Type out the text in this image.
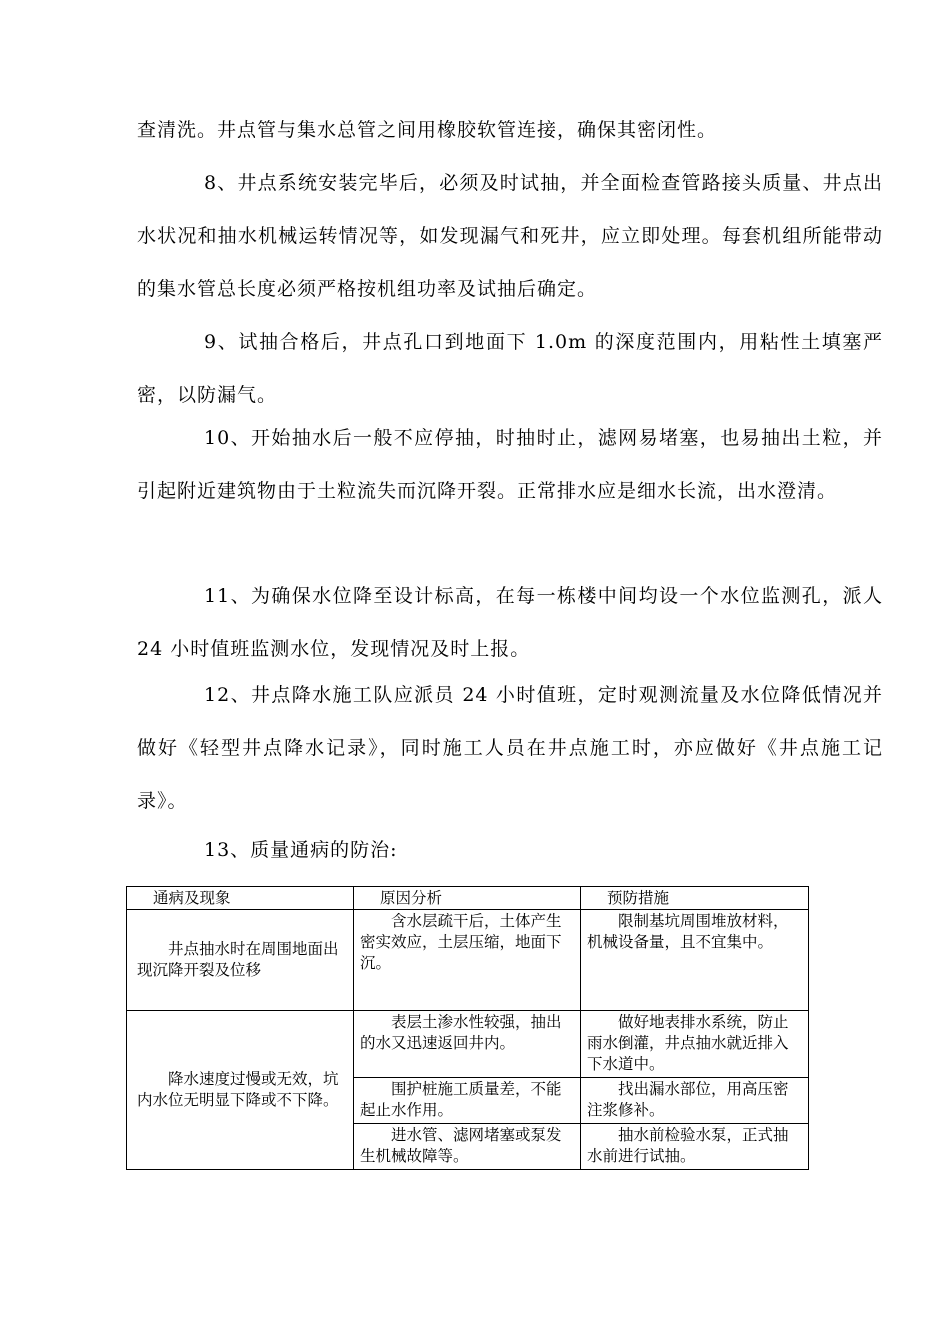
查清洗。井点管与集水总管之间用橡胶软管连接，确保其密闭性。

8、井点系统安装完毕后，必须及时试抽，并全面检查管路接头质量、井点出水状况和抽水机械运转情况等，如发现漏气和死井，应立即处理。每套机组所能带动的集水管总长度必须严格按机组功率及试抽后确定。

9、试抽合格后，井点孔口到地面下 1.0m 的深度范围内，用粘性土填塞严密，以防漏气。

10、开始抽水后一般不应停抽，时抽时止，滤网易堵塞，也易抽出土粒，并引起附近建筑物由于土粒流失而沉降开裂。正常排水应是细水长流，出水澄清。

11、为确保水位降至设计标高，在每一栋楼中间均设一个水位监测孔，派人 24 小时值班监测水位，发现情况及时上报。

12、井点降水施工队应派员 24 小时值班，定时观测流量及水位降低情况并做好《轻型井点降水记录》，同时施工人员在井点施工时，亦应做好《井点施工记录》。

13、质量通病的防治:

通病及现象	原因分析	预防措施
井点抽水时在周围地面出现沉降开裂及位移	含水层疏干后，土体产生密实效应，土层压缩，地面下沉。	限制基坑周围堆放材料，机械设备量，且不宜集中。
降水速度过慢或无效，坑内水位无明显下降或不下降。	表层土渗水性较强，抽出的水又迅速返回井内。	做好地表排水系统，防止雨水倒灌，井点抽水就近排入下水道中。
	围护桩施工质量差，不能起止水作用。	找出漏水部位，用高压密注浆修补。
	进水管、滤网堵塞或泵发生机械故障等。	抽水前检验水泵，正式抽水前进行试抽。
